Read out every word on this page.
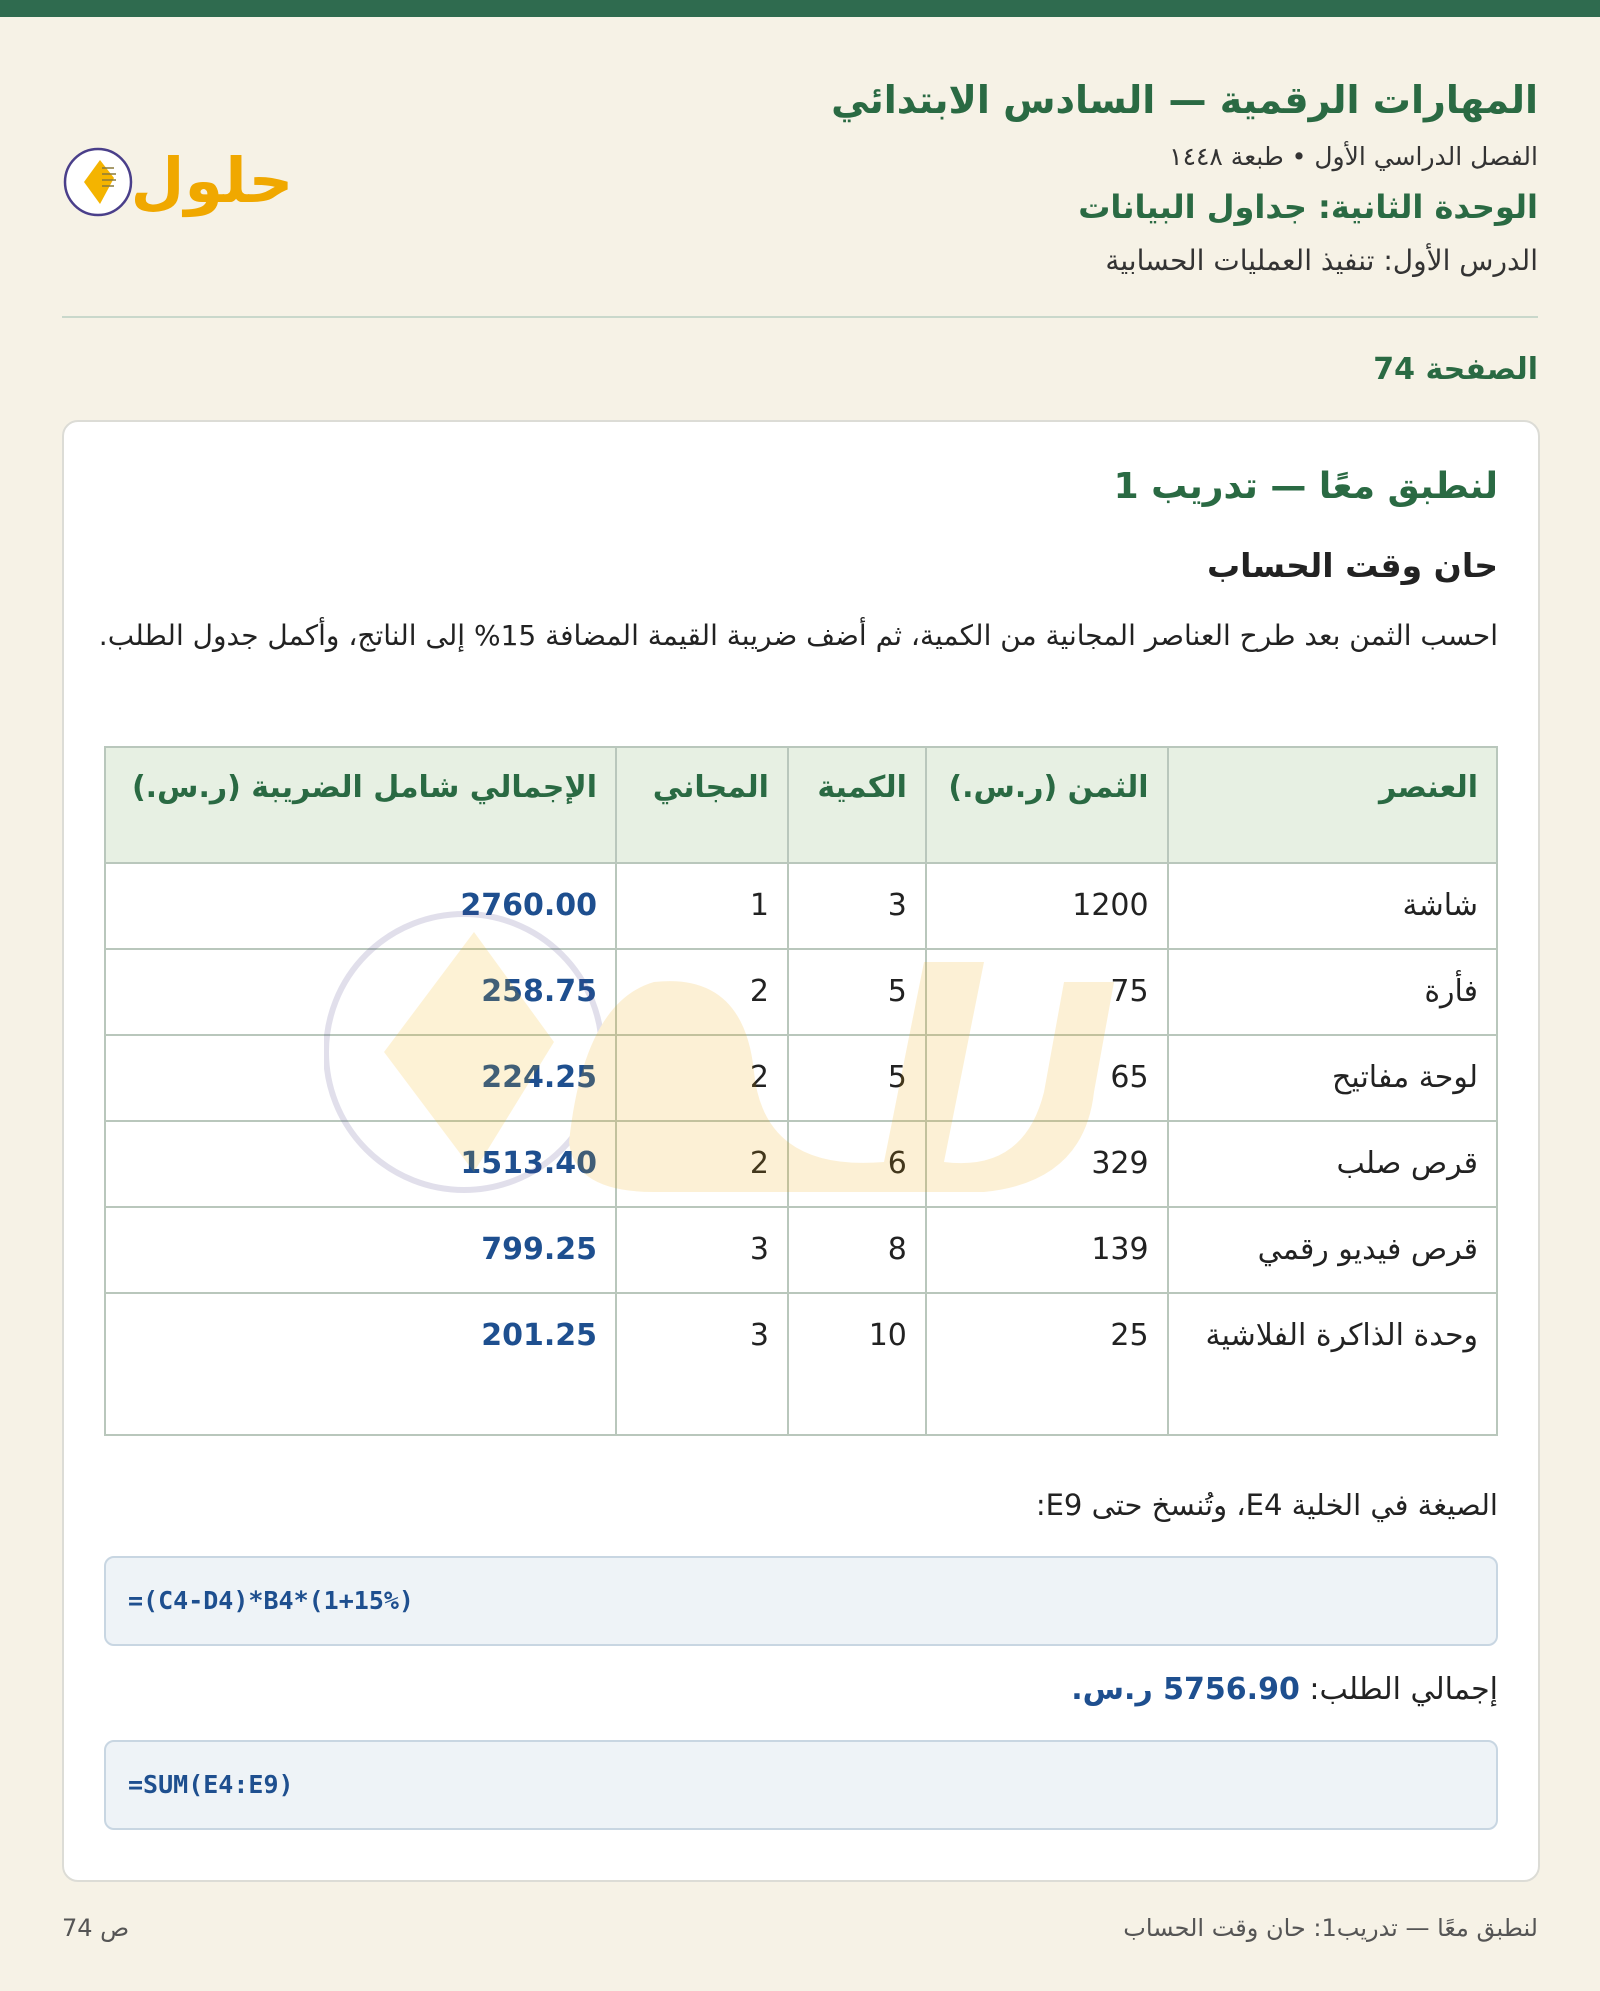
المهارات الرقمية — السادس الابتدائي
الفصل الدراسي الأول • طبعة ١٤٤٨
الوحدة الثانية: جداول البيانات
الدرس الأول: تنفيذ العمليات الحسابية
حلول
الصفحة 74
لنطبق معًا — تدريب 1
حان وقت الحساب
احسب الثمن بعد طرح العناصر المجانية من الكمية، ثم أضف ضريبة القيمة المضافة 15% إلى الناتج، وأكمل جدول الطلب.
العنصر	الثمن (ر.س.)	الكمية	المجاني	الإجمالي شامل الضريبة (ر.س.)
شاشة	1200	3	1	2760.00
فأرة	75	5	2	258.75
لوحة مفاتيح	65	5	2	224.25
قرص صلب	329	6	2	1513.40
قرص فيديو رقمي	139	8	3	799.25
وحدة الذاكرة الفلاشية	25	10	3	201.25
الصيغة في الخلية E4، وتُنسخ حتى E9:
=(C4-D4)*B4*(1+15%)
إجمالي الطلب: 5756.90 ر.س.
=SUM(E4:E9)
لنطبق معًا — تدريب1: حان وقت الحساب
ص 74
